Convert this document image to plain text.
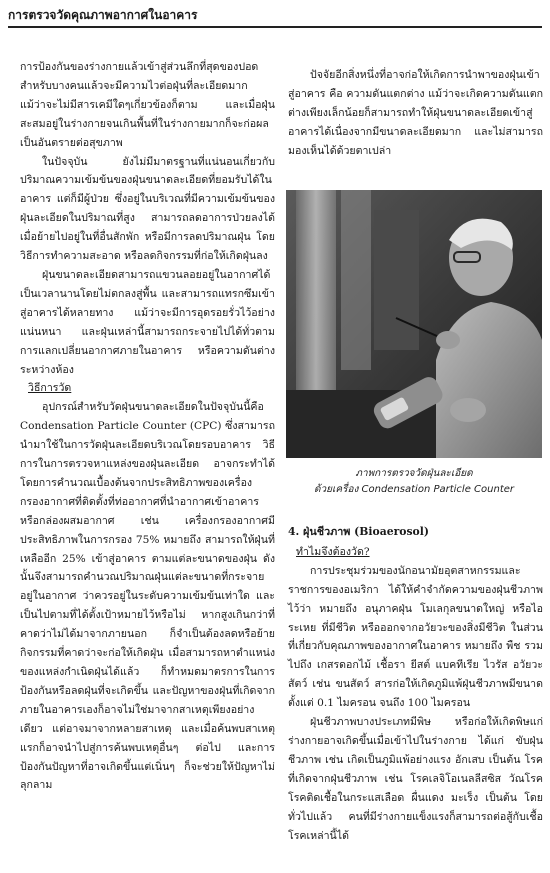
การตรวจวัดคุณภาพอากาศในอาคาร

การป้องกันของร่างกายแล้วเข้าสู่ส่วนลึกที่สุดของปอด สำหรับบางคนแล้วจะมีความไวต่อฝุ่นที่ละเอียดมาก แม้ว่าจะไม่มีสารเคมีใดๆเกี่ยวข้องก็ตาม และเมื่อฝุ่นสะสมอยู่ในร่างกายจนเกินพื้นที่ในร่างกายมากก็จะก่อผลเป็นอันตรายต่อสุขภาพ

ในปัจจุบัน ยังไม่มีมาตรฐานที่แน่นอนเกี่ยวกับปริมาณความเข้มข้นของฝุ่นขนาดละเอียดที่ยอมรับได้ในอาคาร แต่ก็มีผู้ป่วย ซึ่งอยู่ในบริเวณที่มีความเข้มข้นของฝุ่นละเอียดในปริมาณที่สูง สามารถลดอาการป่วยลงได้เมื่อย้ายไปอยู่ในที่อื่นสักพัก หรือมีการลดปริมาณฝุ่น โดยวิธีการทำความสะอาด หรือลดกิจกรรมที่ก่อให้เกิดฝุ่นลง

ฝุ่นขนาดละเอียดสามารถแขวนลอยอยู่ในอากาศได้เป็นเวลานานโดยไม่ตกลงสู่พื้น และสามารถแทรกซึมเข้าสู่อาคารได้หลายทาง แม้ว่าจะมีการอุดรอยรั่วไว้อย่างแน่นหนา และฝุ่นเหล่านี้สามารถกระจายไปได้ทั่วตามการแลกเปลี่ยนอากาศภายในอาคาร หรือความดันต่างระหว่างห้อง

วิธีการวัด

อุปกรณ์สำหรับวัดฝุ่นขนาดละเอียดในปัจจุบันนี้คือ Condensation Particle Counter (CPC) ซึ่งสามารถนำมาใช้ในการวัดฝุ่นละเอียดบริเวณโดยรอบอาคาร วิธีการในการตรวจหาแหล่งของฝุ่นละเอียด อาจกระทำได้โดยการคำนวณเบื้องต้นจากประสิทธิภาพของเครื่องกรองอากาศที่ติดตั้งที่ท่ออากาศที่นำอากาศเข้าอาคาร หรือกล่องผสมอากาศ เช่น เครื่องกรองอากาศมีประสิทธิภาพในการกรอง 75% หมายถึง สามารถให้ฝุ่นที่เหลืออีก 25% เข้าสู่อาคาร ตามแต่ละขนาดของฝุ่น ดังนั้นจึงสามารถคำนวณปริมาณฝุ่นแต่ละขนาดที่กระจายอยู่ในอากาศ ว่าควรอยู่ในระดับความเข้มข้นเท่าใด และเป็นไปตามที่ได้ตั้งเป้าหมายไว้หรือไม่ หากสูงเกินกว่าที่คาดว่าไม่ได้มาจากภายนอก ก็จำเป็นต้องลดหรือย้ายกิจกรรมที่คาดว่าจะก่อให้เกิดฝุ่น เมื่อสามารถหาตำแหน่งของแหล่งกำเนิดฝุ่นได้แล้ว ก็ทำหมดมาตรการในการป้องกันหรือลดฝุ่นที่จะเกิดขึ้น และปัญหาของฝุ่นที่เกิดจากภายในอาคารเองก็อาจไม่ใช่มาจากสาเหตุเพียงอย่างเดียว แต่อาจมาจากหลายสาเหตุ และเมื่อค้นพบสาเหตุแรกก็อาจนำไปสู่การค้นพบเหตุอื่นๆ ต่อไป และการป้องกันปัญหาที่อาจเกิดขึ้นแต่เนิ่นๆ ก็จะช่วยให้ปัญหาไม่ลุกลาม

ปัจจัยอีกสิ่งหนึ่งที่อาจก่อให้เกิดการนำพาของฝุ่นเข้าสู่อาคาร คือ ความดันแตกต่าง แม้ว่าจะเกิดความดันแตกต่างเพียงเล็กน้อยก็สามารถทำให้ฝุ่นขนาดละเอียดเข้าสู่อาคารได้เนื่องจากมีขนาดละเอียดมาก และไม่สามารถมองเห็นได้ด้วยตาเปล่า

ภาพการตรวจวัดฝุ่นละเอียด
ด้วยเครื่อง Condensation Particle Counter

4. ฝุ่นชีวภาพ (Bioaerosol)

ทำไมจึงต้องวัด?

การประชุมร่วมของนักอนามัยอุตสาหกรรมและราชการของอเมริกา ได้ให้คำจำกัดความของฝุ่นชีวภาพไว้ว่า หมายถึง อนุภาคฝุ่น โมเลกุลขนาดใหญ่ หรือไอระเหย ที่มีชีวิต หรือออกจากอวัยวะของสิ่งมีชีวิต ในส่วนที่เกี่ยวกับคุณภาพของอากาศในอาคาร หมายถึง พืช รวมไปถึง เกสรดอกไม้ เชื้อรา ยีสต์ แบคทีเรีย ไวรัส อวัยวะสัตว์ เช่น ขนสัตว์ สารก่อให้เกิดภูมิแพ้ฝุ่นชีวภาพมีขนาดตั้งแต่ 0.1 ไมครอน จนถึง 100 ไมครอน

ฝุ่นชีวภาพบางประเภทมีพิษ หรือก่อให้เกิดพิษแก่ร่างกายอาจเกิดขึ้นเมื่อเข้าไปในร่างกาย ได้แก่ ขับฝุ่นชีวภาพ เช่น เกิดเป็นภูมิแพ้อย่างแรง อักเสบ เป็นต้น โรคที่เกิดจากฝุ่นชีวภาพ เช่น โรคเลจิโอเนลลีสซิส วัณโรค โรคติดเชื้อในกระแสเลือด ผื่นแดง มะเร็ง เป็นต้น โดยทั่วไปแล้ว คนที่มีร่างกายแข็งแรงก็สามารถต่อสู้กับเชื้อโรคเหล่านี้ได้
